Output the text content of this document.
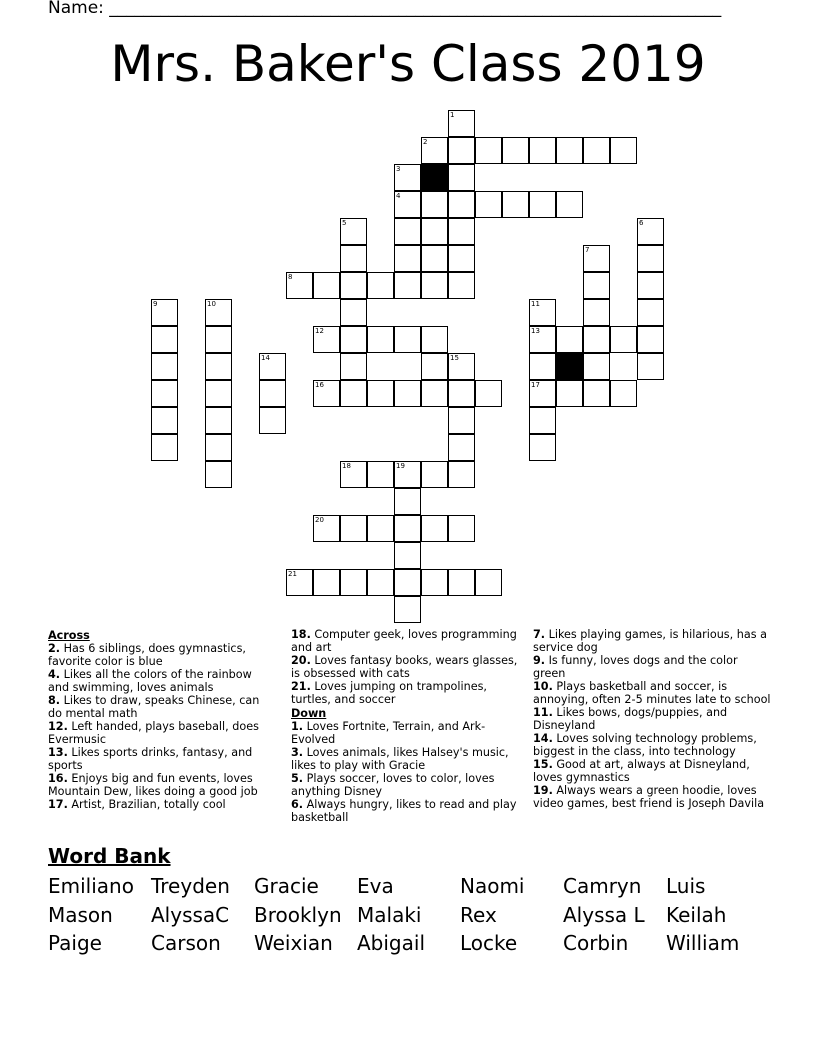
Name: ________________________________________________________________________
Mrs. Baker's Class 2019
1
2
3
4
5	6
7
8
9	10	11
12	13
14	15
16	17
18	19
20
21
Across
2. Has 6 siblings, does gymnastics, favorite color is blue
4. Likes all the colors of the rainbow and swimming, loves animals
8. Likes to draw, speaks Chinese, can do mental math
12. Left handed, plays baseball, does Evermusic
13. Likes sports drinks, fantasy, and sports
16. Enjoys big and fun events, loves Mountain Dew, likes doing a good job
17. Artist, Brazilian, totally cool
18. Computer geek, loves programming and art
20. Loves fantasy books, wears glasses, is obsessed with cats
21. Loves jumping on trampolines, turtles, and soccer
Down
1. Loves Fortnite, Terrain, and Ark-Evolved
3. Loves animals, likes Halsey's music, likes to play with Gracie
5. Plays soccer, loves to color, loves anything Disney
6. Always hungry, likes to read and play basketball
7. Likes playing games, is hilarious, has a service dog
9. Is funny, loves dogs and the color green
10. Plays basketball and soccer, is annoying, often 2-5 minutes late to school
11. Likes bows, dogs/puppies, and Disneyland
14. Loves solving technology problems, biggest in the class, into technology
15. Good at art, always at Disneyland, loves gymnastics
19. Always wears a green hoodie, loves video games, best friend is Joseph Davila
Word Bank
Emiliano Treyden Gracie Eva	Naomi Camryn Luis
Mason AlyssaC Brooklyn Malaki Rex	Alyssa L Keilah
Paige Carson Weixian Abigail Locke Corbin William
